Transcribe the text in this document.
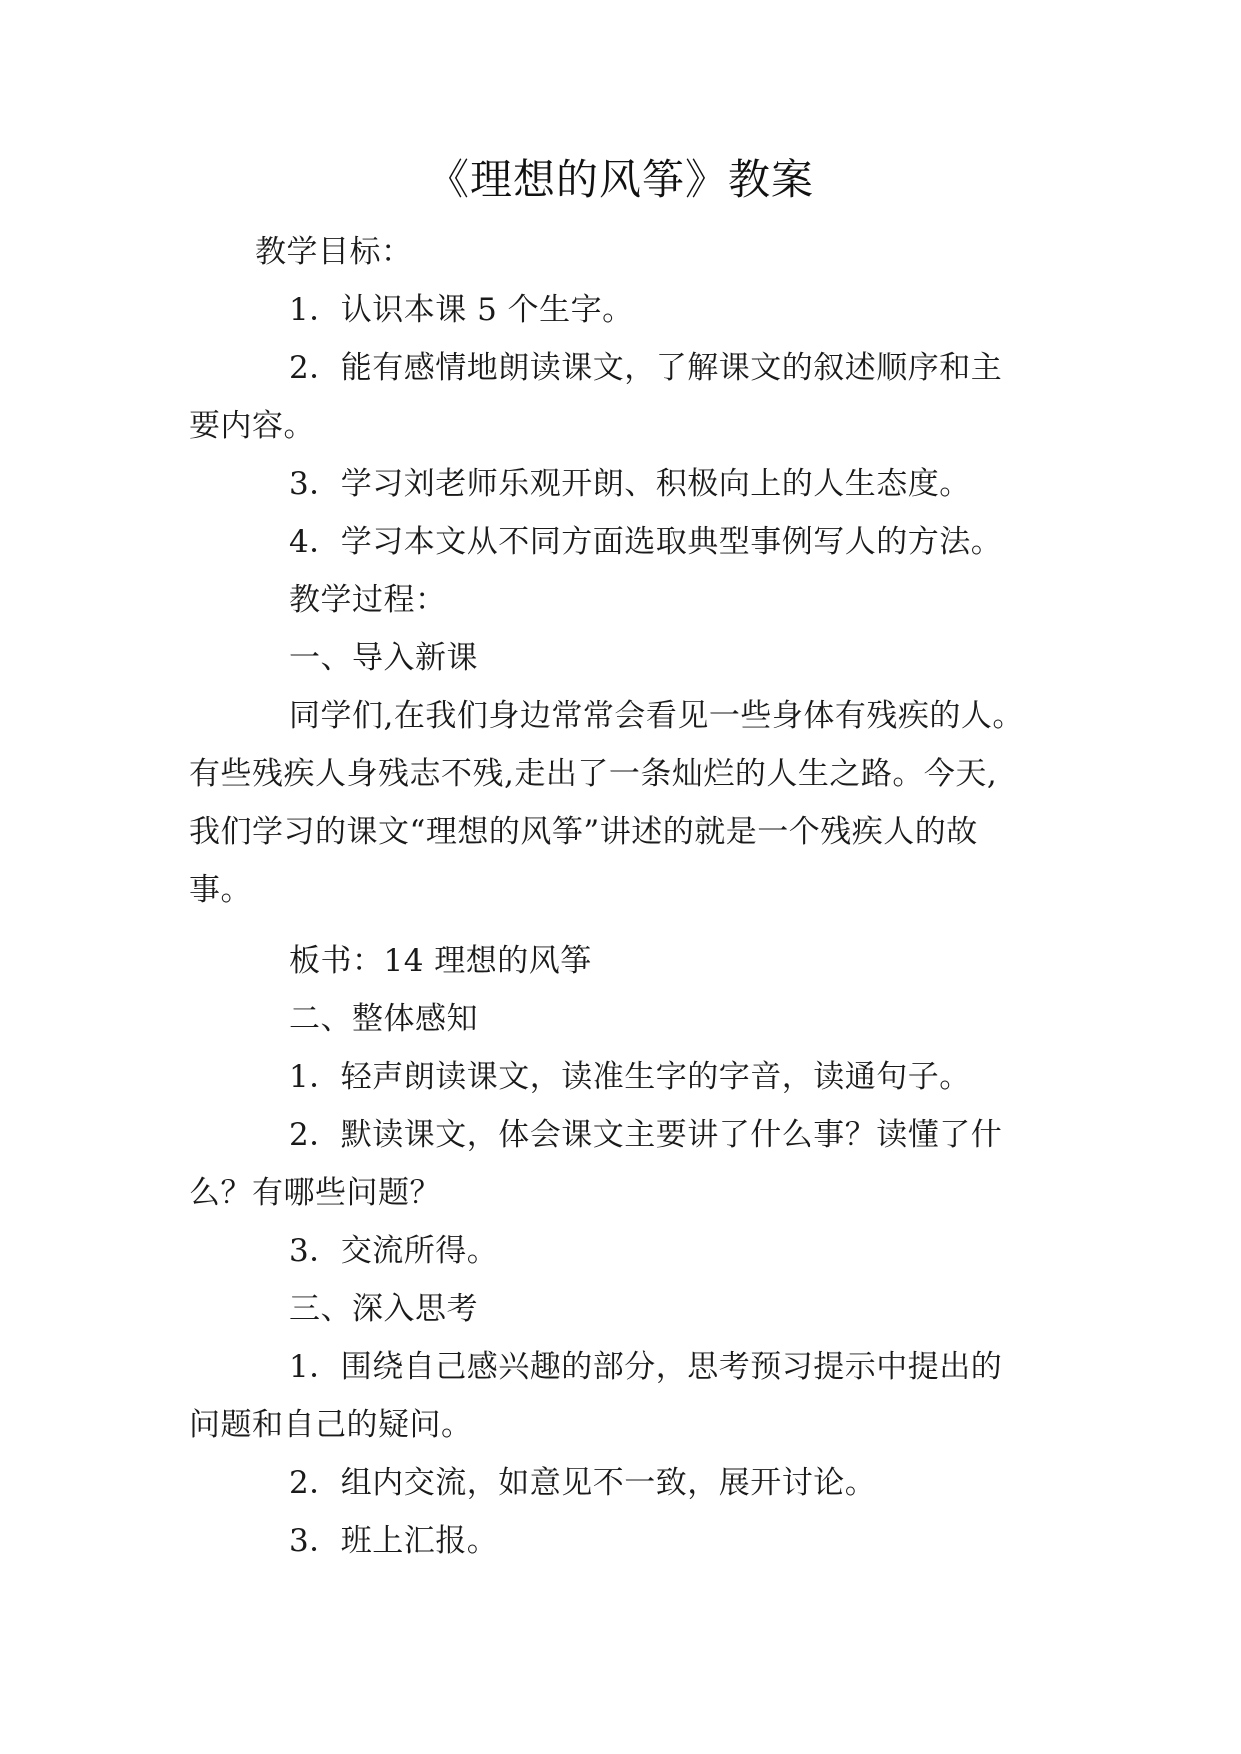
《理想的风筝》教案
教学目标：
1．认识本课 5 个生字。
2．能有感情地朗读课文，了解课文的叙述顺序和主
要内容。
3．学习刘老师乐观开朗、积极向上的人生态度。
4．学习本文从不同方面选取典型事例写人的方法。
教学过程：
一、导入新课
同学们,在我们身边常常会看见一些身体有残疾的人。
有些残疾人身残志不残,走出了一条灿烂的人生之路。今天,
我们学习的课文“理想的风筝”讲述的就是一个残疾人的故
事。
板书：14 理想的风筝
二、整体感知
1．轻声朗读课文，读准生字的字音，读通句子。
2．默读课文，体会课文主要讲了什么事？读懂了什
么？有哪些问题？
3．交流所得。
三、深入思考
1．围绕自己感兴趣的部分，思考预习提示中提出的
问题和自己的疑问。
2．组内交流，如意见不一致，展开讨论。
3．班上汇报。
